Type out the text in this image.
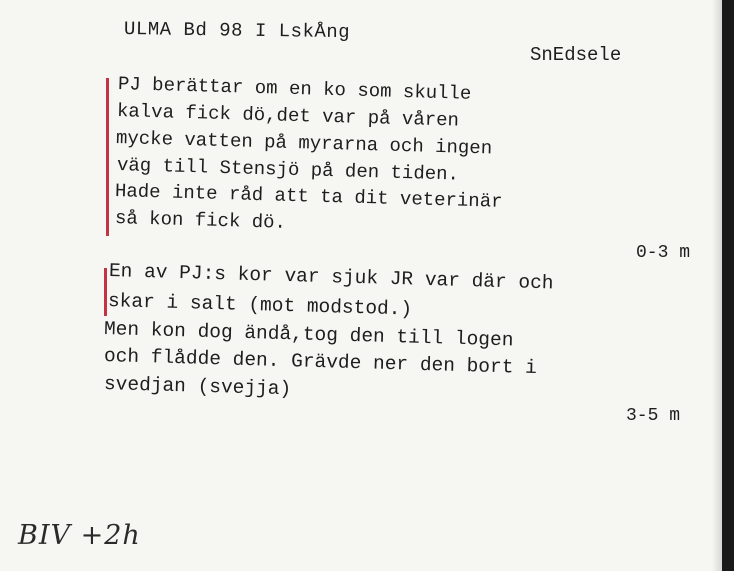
ULMA Bd 98 I LskÅng
SnEdsele
PJ berättar om en ko som skulle
kalva fick dö,det var på våren
mycke vatten på myrarna och ingen
väg till Stensjö på den tiden.
Hade inte råd att ta dit veterinär
så kon fick dö.
0-3 m
En av PJ:s kor var sjuk JR var där och
skar i salt (mot modstod.)
Men kon dog ändå,tog den till logen
och flådde den. Grävde ner den bort i
svedjan (svejja)
3-5 m
BIV +2h
